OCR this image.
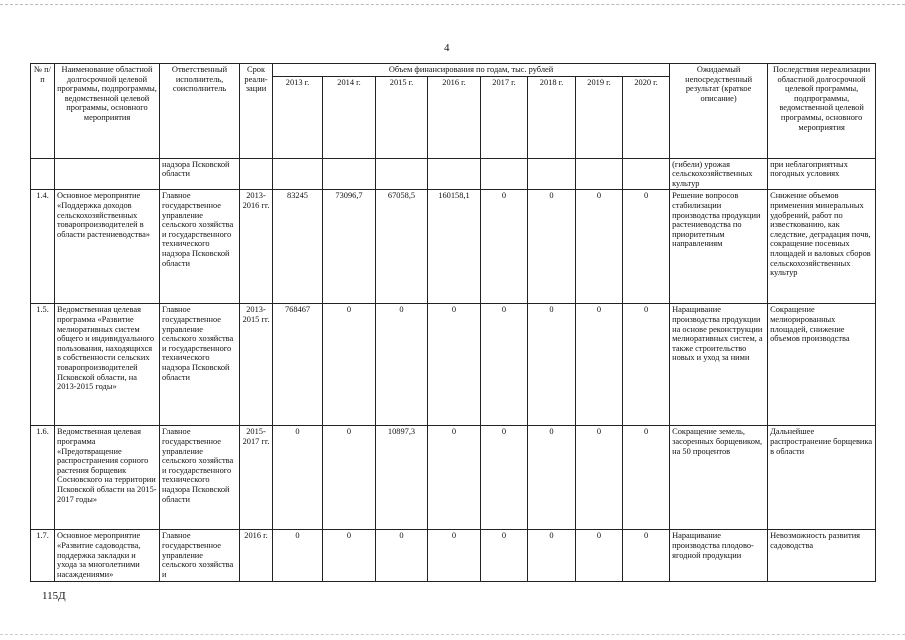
4
№ п/п	Наименование областной долгосрочной целевой программы, подпрограммы, ведомственной целевой программы, основного мероприятия	Ответственный исполнитель, соисполнитель	Срок реали-зации	Объем финансирования по годам, тыс. рублей								Ожидаемый непосредственный результат (краткое описание)	Последствия нереализации областной долгосрочной целевой программы, подпрограммы, ведомственной целевой программы, основного мероприятия
				2013 г.	2014 г.	2015 г.	2016 г.	2017 г.	2018 г.	2019 г.	2020 г.		
		надзора Псковской области										(гибели) урожая сельскохозяйственных культур	при неблагоприятных погодных условиях
1.4.	Основное мероприятие «Поддержка доходов сельскохозяйственных товаропроизводителей в области растениеводства»	Главное государственное управление сельского хозяйства и государственного технического надзора Псковской области	2013-2016 гг.	83245	73096,7	67058,5	160158,1	0	0	0	0	Решение вопросов стабилизации производства продукции растениеводства по приоритетным направлениям	Снижение объемов применения минеральных удобрений, работ по известкованию, как следствие, деградация почв, сокращение посевных площадей и валовых сборов сельскохозяйственных культур
1.5.	Ведомственная целевая программа «Развитие мелиоративных систем общего и индивидуального пользования, находящихся в собственности сельских товаропроизводителей Псковской области, на 2013-2015 годы»	Главное государственное управление сельского хозяйства и государственного технического надзора Псковской области	2013-2015 гг.	768467	0	0	0	0	0	0	0	Наращивание производства продукции на основе реконструкции мелиоративных систем, а также строительство новых и уход за ними	Сокращение мелиорированных площадей, снижение объемов производства
1.6.	Ведомственная целевая программа «Предотвращение распространения сорного растения борщевик Сосновского на территории Псковской области на 2015-2017 годы»	Главное государственное управление сельского хозяйства и государственного технического надзора Псковской области	2015-2017 гг.	0	0	10897,3	0	0	0	0	0	Сокращение земель, засоренных борщевиком, на 50 процентов	Дальнейшее распространение борщевика в области
1.7.	Основное мероприятие «Развитие садоводства, поддержка закладки и ухода за многолетними насаждениями»	Главное государственное управление сельского хозяйства и	2016 г.	0	0	0	0	0	0	0	0	Наращивание производства плодово-ягодной продукции	Невозможность развития садоводства
115Д
